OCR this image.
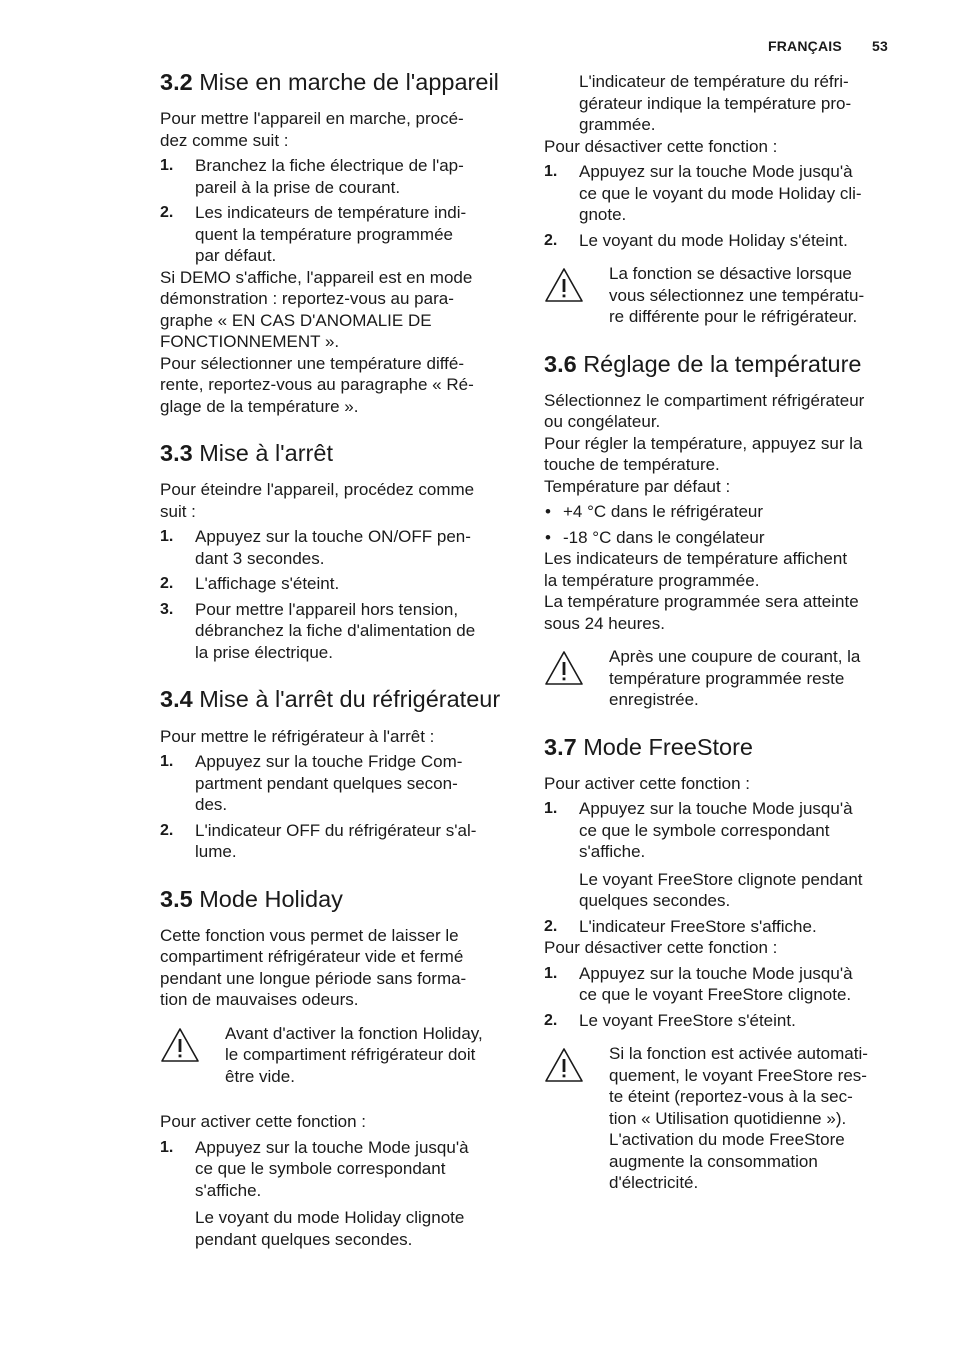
FRANÇAIS 53
3.2 Mise en marche de l'appareil
Pour mettre l'appareil en marche, procé-
dez comme suit :
1. Branchez la fiche électrique de l'ap-
pareil à la prise de courant.
2. Les indicateurs de température indi-
quent la température programmée
par défaut.
Si DEMO s'affiche, l'appareil est en mode
démonstration : reportez-vous au para-
graphe « EN CAS D'ANOMALIE DE
FONCTIONNEMENT ».
Pour sélectionner une température diffé-
rente, reportez-vous au paragraphe « Ré-
glage de la température ».
3.3 Mise à l'arrêt
Pour éteindre l'appareil, procédez comme
suit :
1. Appuyez sur la touche ON/OFF pen-
dant 3 secondes.
2. L'affichage s'éteint.
3. Pour mettre l'appareil hors tension,
débranchez la fiche d'alimentation de
la prise électrique.
3.4 Mise à l'arrêt du réfrigérateur
Pour mettre le réfrigérateur à l'arrêt :
1. Appuyez sur la touche Fridge Com-
partment pendant quelques secon-
des.
2. L'indicateur OFF du réfrigérateur s'al-
lume.
3.5 Mode Holiday
Cette fonction vous permet de laisser le
compartiment réfrigérateur vide et fermé
pendant une longue période sans forma-
tion de mauvaises odeurs.
Avant d'activer la fonction Holiday,
le compartiment réfrigérateur doit
être vide.
Pour activer cette fonction :
1. Appuyez sur la touche Mode jusqu'à
ce que le symbole correspondant
s'affiche.
Le voyant du mode Holiday clignote
pendant quelques secondes.
L'indicateur de température du réfri-
gérateur indique la température pro-
grammée.
Pour désactiver cette fonction :
1. Appuyez sur la touche Mode jusqu'à
ce que le voyant du mode Holiday cli-
gnote.
2. Le voyant du mode Holiday s'éteint.
La fonction se désactive lorsque
vous sélectionnez une températu-
re différente pour le réfrigérateur.
3.6 Réglage de la température
Sélectionnez le compartiment réfrigérateur
ou congélateur.
Pour régler la température, appuyez sur la
touche de température.
Température par défaut :
• +4 °C dans le réfrigérateur
• -18 °C dans le congélateur
Les indicateurs de température affichent
la température programmée.
La température programmée sera atteinte
sous 24 heures.
Après une coupure de courant, la
température programmée reste
enregistrée.
3.7 Mode FreeStore
Pour activer cette fonction :
1. Appuyez sur la touche Mode jusqu'à
ce que le symbole correspondant
s'affiche.
Le voyant FreeStore clignote pendant
quelques secondes.
2. L'indicateur FreeStore s'affiche.
Pour désactiver cette fonction :
1. Appuyez sur la touche Mode jusqu'à
ce que le voyant FreeStore clignote.
2. Le voyant FreeStore s'éteint.
Si la fonction est activée automati-
quement, le voyant FreeStore res-
te éteint (reportez-vous à la sec-
tion « Utilisation quotidienne »).
L'activation du mode FreeStore
augmente la consommation
d'électricité.
